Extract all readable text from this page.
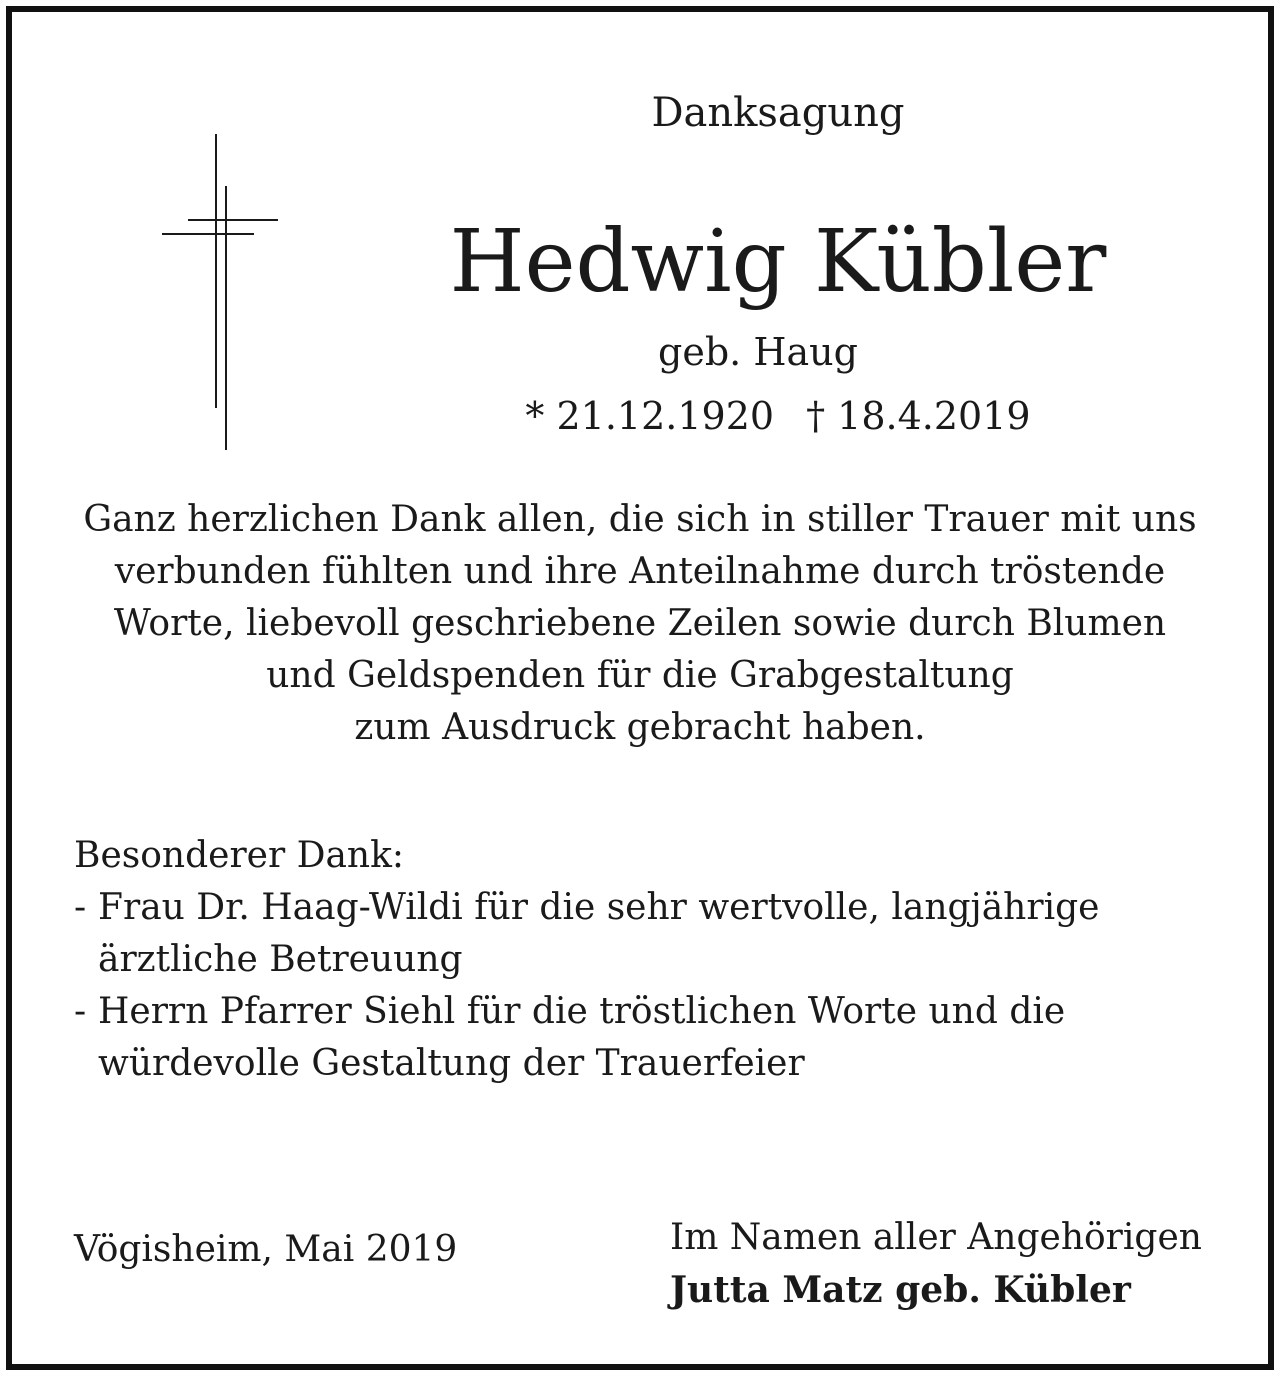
Danksagung
Hedwig Kübler
geb. Haug
* 21.12.1920 † 18.4.2019
Ganz herzlichen Dank allen, die sich in stiller Trauer mit uns
verbunden fühlten und ihre Anteilnahme durch tröstende
Worte, liebevoll geschriebene Zeilen sowie durch Blumen
und Geldspenden für die Grabgestaltung
zum Ausdruck gebracht haben.
Besonderer Dank:
- Frau Dr. Haag-Wildi für die sehr wertvolle, langjährige
ärztliche Betreuung
- Herrn Pfarrer Siehl für die tröstlichen Worte und die
würdevolle Gestaltung der Trauerfeier
Vögisheim, Mai 2019	Im Namen aller Angehörigen
Jutta Matz geb. Kübler
